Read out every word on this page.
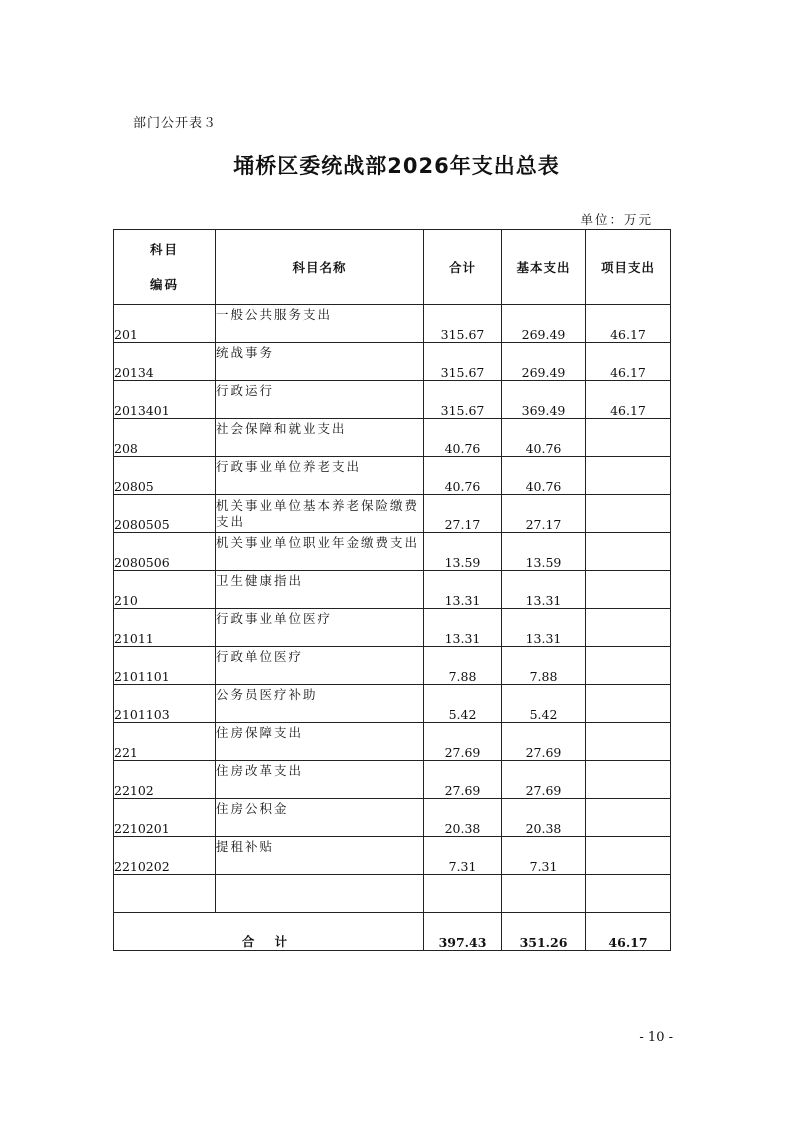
部门公开表３
埇桥区委统战部2026年支出总表
单位：万元
科目
编码	科目名称	合计	基本支出	项目支出
201	一般公共服务支出	315.67	269.49	46.17
20134	统战事务	315.67	269.49	46.17
2013401	行政运行	315.67	369.49	46.17
208	社会保障和就业支出	40.76	40.76	
20805	行政事业单位养老支出	40.76	40.76	
2080505	机关事业单位基本养老保险缴费支出	27.17	27.17	
2080506	机关事业单位职业年金缴费支出	13.59	13.59	
210	卫生健康指出	13.31	13.31	
21011	行政事业单位医疗	13.31	13.31	
2101101	行政单位医疗	7.88	7.88	
2101103	公务员医疗补助	5.42	5.42	
221	住房保障支出	27.69	27.69	
22102	住房改革支出	27.69	27.69	
2210201	住房公积金	20.38	20.38	
2210202	提租补贴	7.31	7.31	

合 计		397.43	351.26	46.17
- 10 -
